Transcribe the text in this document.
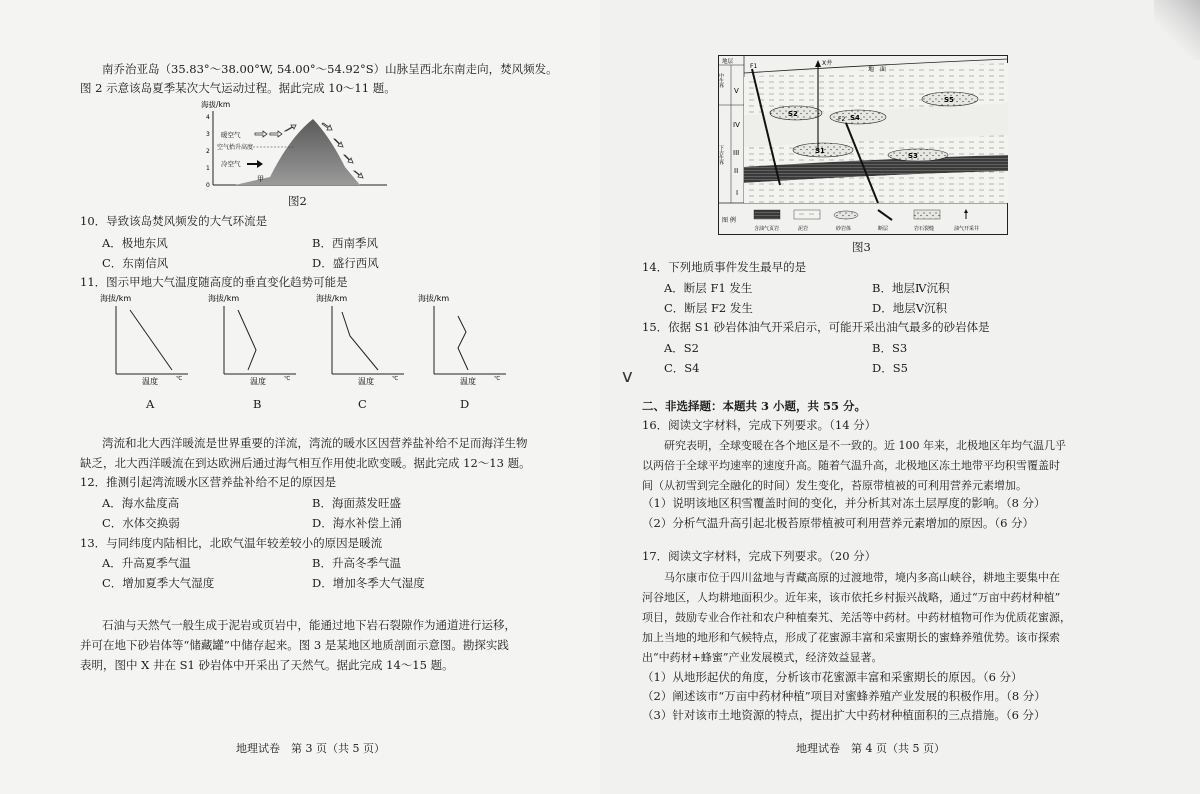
南乔治亚岛（35.83°～38.00°W, 54.00°～54.92°S）山脉呈西北东南走向，焚风频发。
图 2 示意该岛夏季某次大气运动过程。据此完成 10～11 题。
海拔/km
0
1
2
3
4
暖空气
空气抬升高度
冷空气
甲
图2
10．导致该岛焚风频发的大气环流是
A．极地东风	B．西南季风
C．东南信风	D．盛行西风
11．图示甲地大气温度随高度的垂直变化趋势可能是
海拔/km
温度	℃
海拔/km
温度	℃
海拔/km
温度	℃
海拔/km
温度	℃
A	B	C	D
湾流和北大西洋暖流是世界重要的洋流，湾流的暖水区因营养盐补给不足而海洋生物
缺乏，北大西洋暖流在到达欧洲后通过海气相互作用使北欧变暖。据此完成 12～13 题。
12．推测引起湾流暖水区营养盐补给不足的原因是
A．海水盐度高	B．海面蒸发旺盛
C．水体交换弱	D．海水补偿上涌
13．与同纬度内陆相比，北欧气温年较差较小的原因是暖流
A．升高夏季气温	B．升高冬季气温
C．增加夏季大气湿度	D．增加冬季大气湿度
石油与天然气一般生成于泥岩或页岩中，能通过地下岩石裂隙作为通道进行运移，
并可在地下砂岩体等“储藏罐”中储存起来。图 3 是某地区地质剖面示意图。勘探实践
表明，图中 X 井在 S1 砂岩体中开采出了天然气。据此完成 14～15 题。
地理试卷　第 3 页（共 5 页）
地层
中生界
下古生界
V
IV
III
II
I
S2
S1
S3
S4
S5
F1
F2
X井
地　面
图 例
含油气页岩	泥岩	砂岩体	断层	岩石裂缝	油气开采井
图3
14．下列地质事件发生最早的是
A．断层 F1 发生	B．地层Ⅳ沉积
C．断层 F2 发生	D．地层Ⅴ沉积
15．依据 S1 砂岩体油气开采启示，可能开采出油气最多的砂岩体是
A．S2	B．S3
C．S4	D．S5
二、非选择题：本题共 3 小题，共 55 分。
16．阅读文字材料，完成下列要求。（14 分）
研究表明，全球变暖在各个地区是不一致的。近 100 年来，北极地区年均气温几乎
以两倍于全球平均速率的速度升高。随着气温升高，北极地区冻土地带平均积雪覆盖时
间（从初雪到完全融化的时间）发生变化，苔原带植被的可利用营养元素增加。
（1）说明该地区积雪覆盖时间的变化，并分析其对冻土层厚度的影响。（8 分）
（2）分析气温升高引起北极苔原带植被可利用营养元素增加的原因。（6 分）
17．阅读文字材料，完成下列要求。（20 分）
马尔康市位于四川盆地与青藏高原的过渡地带，境内多高山峡谷，耕地主要集中在
河谷地区，人均耕地面积少。近年来，该市依托乡村振兴战略，通过“万亩中药材种植”
项目，鼓励专业合作社和农户种植秦艽、羌活等中药材。中药材植物可作为优质花蜜源，
加上当地的地形和气候特点，形成了花蜜源丰富和采蜜期长的蜜蜂养殖优势。该市探索
出“中药材+蜂蜜”产业发展模式，经济效益显著。
（1）从地形起伏的角度，分析该市花蜜源丰富和采蜜期长的原因。（6 分）
（2）阐述该市“万亩中药材种植”项目对蜜蜂养殖产业发展的积极作用。（8 分）
（3）针对该市土地资源的特点，提出扩大中药材种植面积的三点措施。（6 分）
地理试卷　第 4 页（共 5 页）
v
